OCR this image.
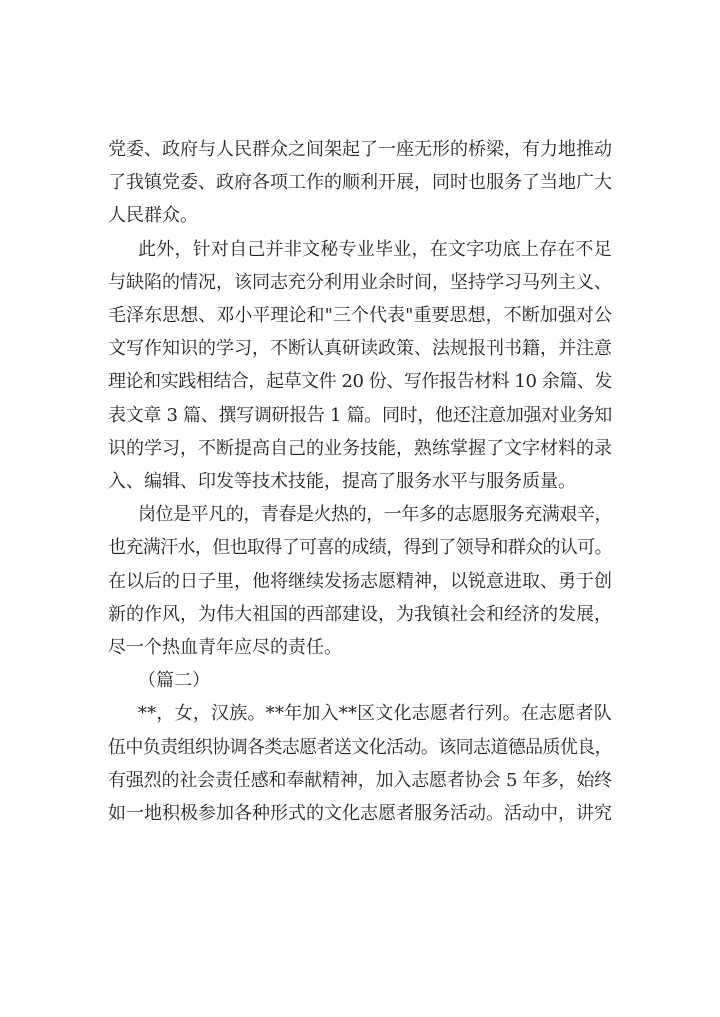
党委、政府与人民群众之间架起了一座无形的桥梁，有力地推动
了我镇党委、政府各项工作的顺利开展，同时也服务了当地广大
人民群众。
此外，针对自己并非文秘专业毕业，在文字功底上存在不足
与缺陷的情况，该同志充分利用业余时间，坚持学习马列主义、
毛泽东思想、邓小平理论和"三个代表"重要思想，不断加强对公
文写作知识的学习，不断认真研读政策、法规报刊书籍，并注意
理论和实践相结合，起草文件 20 份、写作报告材料 10 余篇、发
表文章 3 篇、撰写调研报告 1 篇。同时，他还注意加强对业务知
识的学习，不断提高自己的业务技能，熟练掌握了文字材料的录
入、编辑、印发等技术技能，提高了服务水平与服务质量。
岗位是平凡的，青春是火热的，一年多的志愿服务充满艰辛，
也充满汗水，但也取得了可喜的成绩，得到了领导和群众的认可。
在以后的日子里，他将继续发扬志愿精神，以锐意进取、勇于创
新的作风，为伟大祖国的西部建设，为我镇社会和经济的发展，
尽一个热血青年应尽的责任。
（篇二）
**，女，汉族。**年加入**区文化志愿者行列。在志愿者队
伍中负责组织协调各类志愿者送文化活动。该同志道德品质优良，
有强烈的社会责任感和奉献精神，加入志愿者协会 5 年多，始终
如一地积极参加各种形式的文化志愿者服务活动。活动中，讲究
